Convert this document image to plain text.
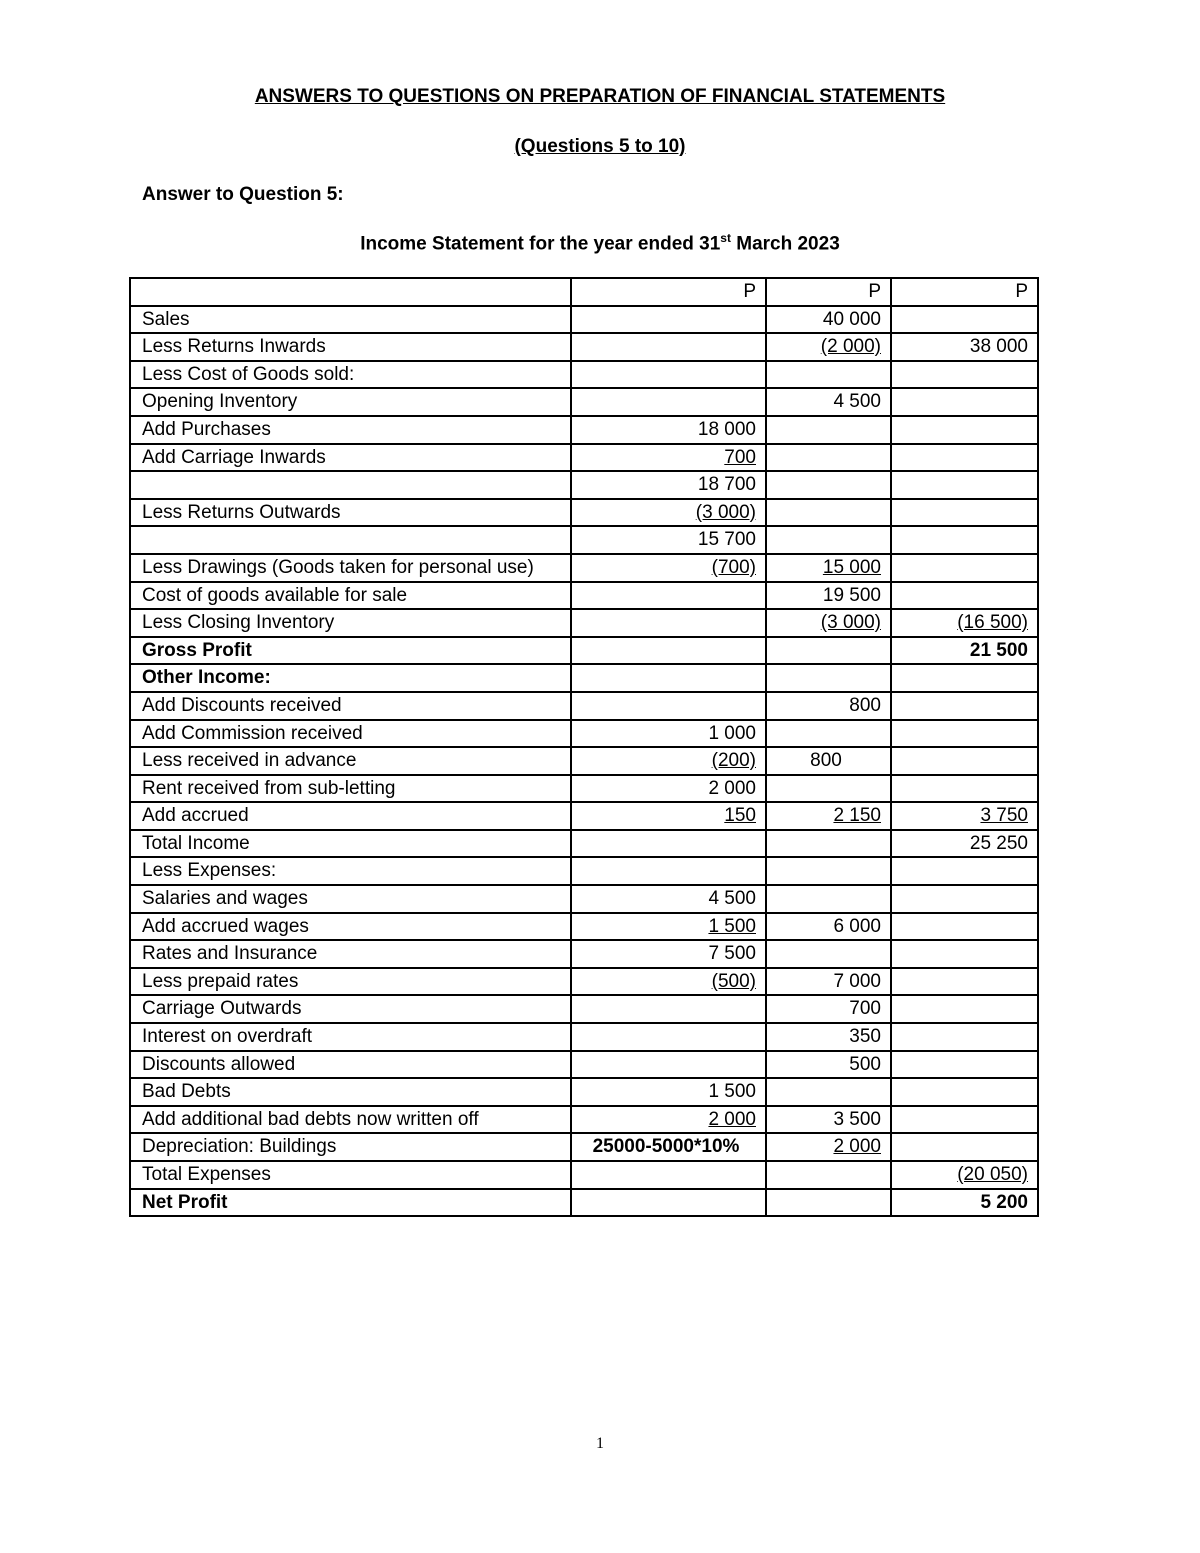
ANSWERS TO QUESTIONS ON PREPARATION OF FINANCIAL STATEMENTS
(Questions 5 to 10)
Answer to Question 5:
Income Statement for the year ended 31st March 2023
	P	P	P
Sales		40 000	
Less Returns Inwards		(2 000)	38 000
Less Cost of Goods sold:			
Opening Inventory		4 500	
Add Purchases	18 000		
Add Carriage Inwards	700		
	18 700		
Less Returns Outwards	(3 000)		
	15 700		
Less Drawings (Goods taken for personal use)	(700)	15 000	
Cost of goods available for sale		19 500	
Less Closing Inventory		(3 000)	(16 500)
Gross Profit			21 500
Other Income:			
Add Discounts received		800	
Add Commission received	1 000		
Less received in advance	(200)	800	
Rent received from sub-letting	2 000		
Add accrued	150	2 150	3 750
Total Income			25 250
Less Expenses:			
Salaries and wages	4 500		
Add accrued wages	1 500	6 000	
Rates and Insurance	7 500		
Less prepaid rates	(500)	7 000	
Carriage Outwards		700	
Interest on overdraft		350	
Discounts allowed		500	
Bad Debts	1 500		
Add additional bad debts now written off	2 000	3 500	
Depreciation: Buildings	25000-5000*10%	2 000	
Total Expenses			(20 050)
Net Profit			5 200
1
